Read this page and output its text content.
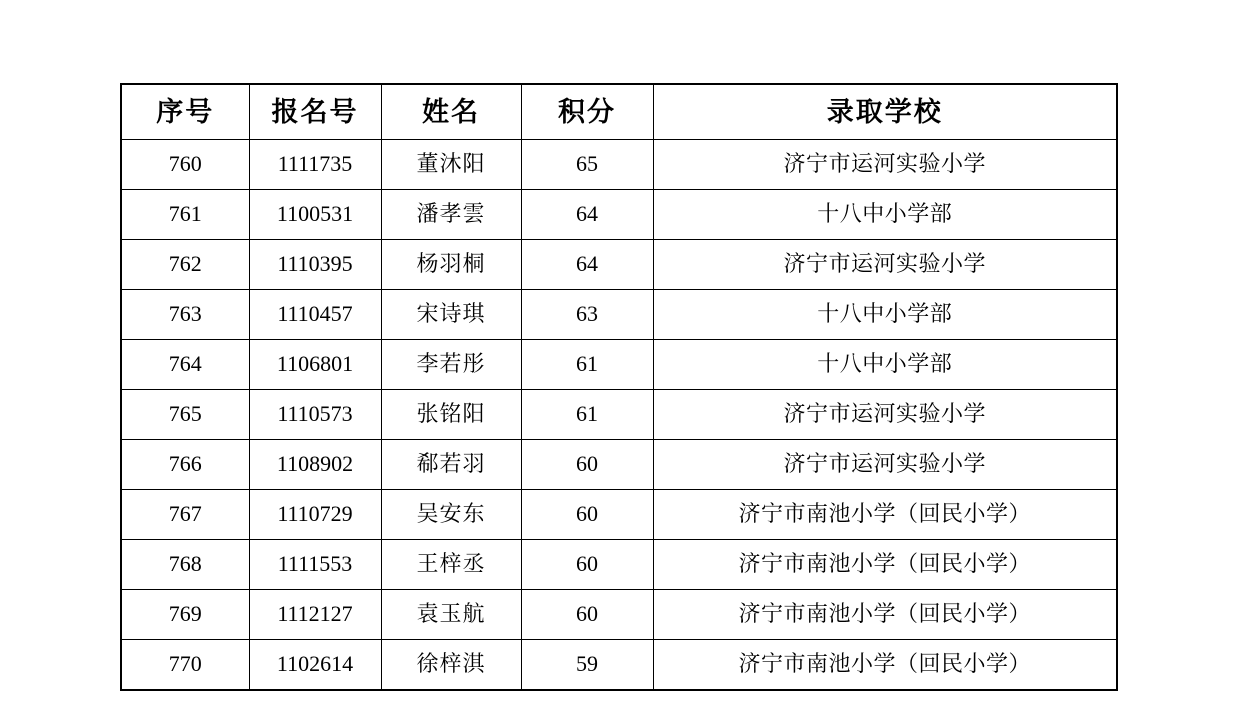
序号	报名号	姓名	积分	录取学校
760	1111735	董沐阳	65	济宁市运河实验小学
761	1100531	潘孝雲	64	十八中小学部
762	1110395	杨羽桐	64	济宁市运河实验小学
763	1110457	宋诗琪	63	十八中小学部
764	1106801	李若彤	61	十八中小学部
765	1110573	张铭阳	61	济宁市运河实验小学
766	1108902	郗若羽	60	济宁市运河实验小学
767	1110729	吴安东	60	济宁市南池小学（回民小学）
768	1111553	王梓丞	60	济宁市南池小学（回民小学）
769	1112127	袁玉航	60	济宁市南池小学（回民小学）
770	1102614	徐梓淇	59	济宁市南池小学（回民小学）
